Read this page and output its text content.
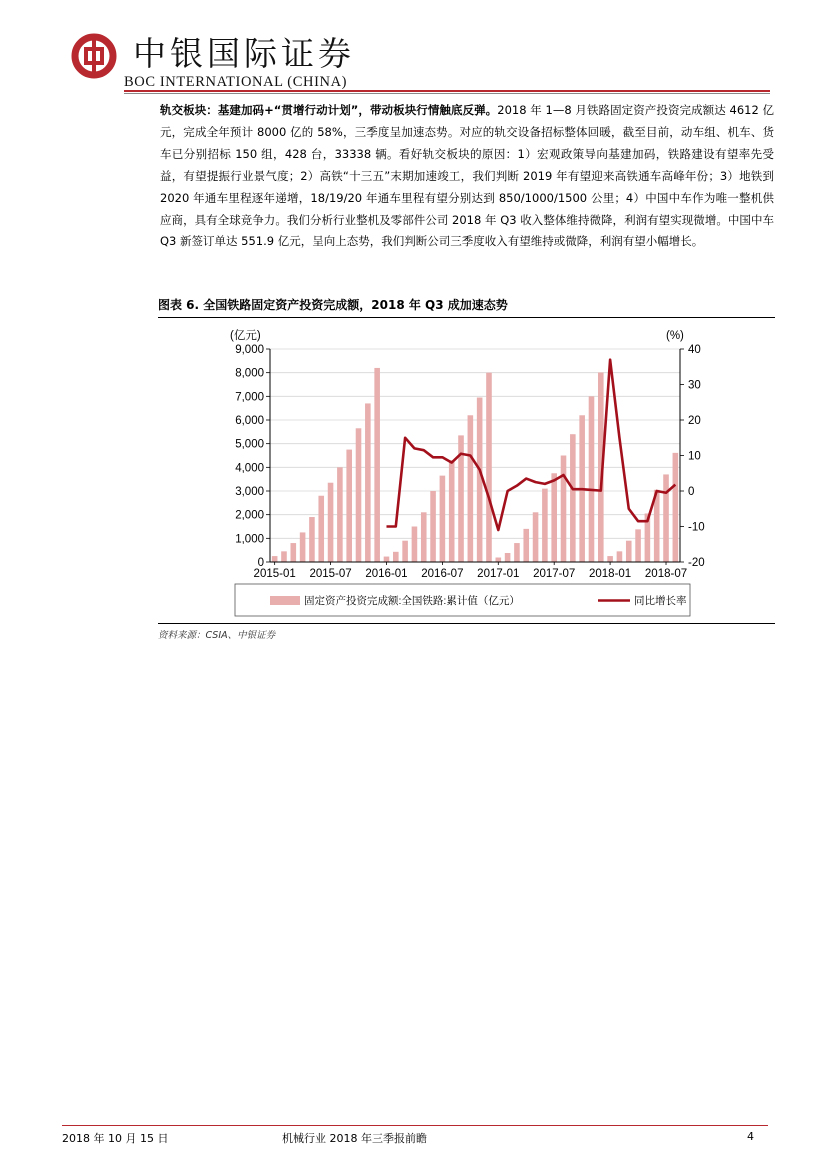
中银国际证券
BOC INTERNATIONAL (CHINA)
轨交板块：基建加码+“贯增行动计划”，带动板块行情触底反弹。2018 年 1—8 月铁路固定资产投资完成额达 4612 亿元，完成全年预计 8000 亿的 58%，三季度呈加速态势。对应的轨交设备招标整体回暖，截至目前，动车组、机车、货车已分别招标 150 组，428 台，33338 辆。看好轨交板块的原因：1）宏观政策导向基建加码，铁路建设有望率先受益，有望提振行业景气度；2）高铁“十三五”末期加速竣工，我们判断 2019 年有望迎来高铁通车高峰年份；3）地铁到 2020 年通车里程逐年递增，18/19/20 年通车里程有望分别达到 850/1000/1500 公里；4）中国中车作为唯一整机供应商，具有全球竞争力。我们分析行业整机及零部件公司 2018 年 Q3 收入整体维持微降，利润有望实现微增。中国中车 Q3 新签订单达 551.9 亿元，呈向上态势，我们判断公司三季度收入有望维持或微降，利润有望小幅增长。
图表 6. 全国铁路固定资产投资完成额，2018 年 Q3 成加速态势
0
1,000
2,000
3,000
4,000
5,000
6,000
7,000
8,000
9,000
-20
-10
0
10
20
30
40
(亿元)	(%)
2015-01 2015-07 2016-01 2016-07 2017-01 2017-07 2018-01 2018-07
固定资产投资完成额:全国铁路:累计值（亿元）	同比增长率
资料来源：CSIA、中银证券
2018 年 10 月 15 日	机械行业 2018 年三季报前瞻	4
